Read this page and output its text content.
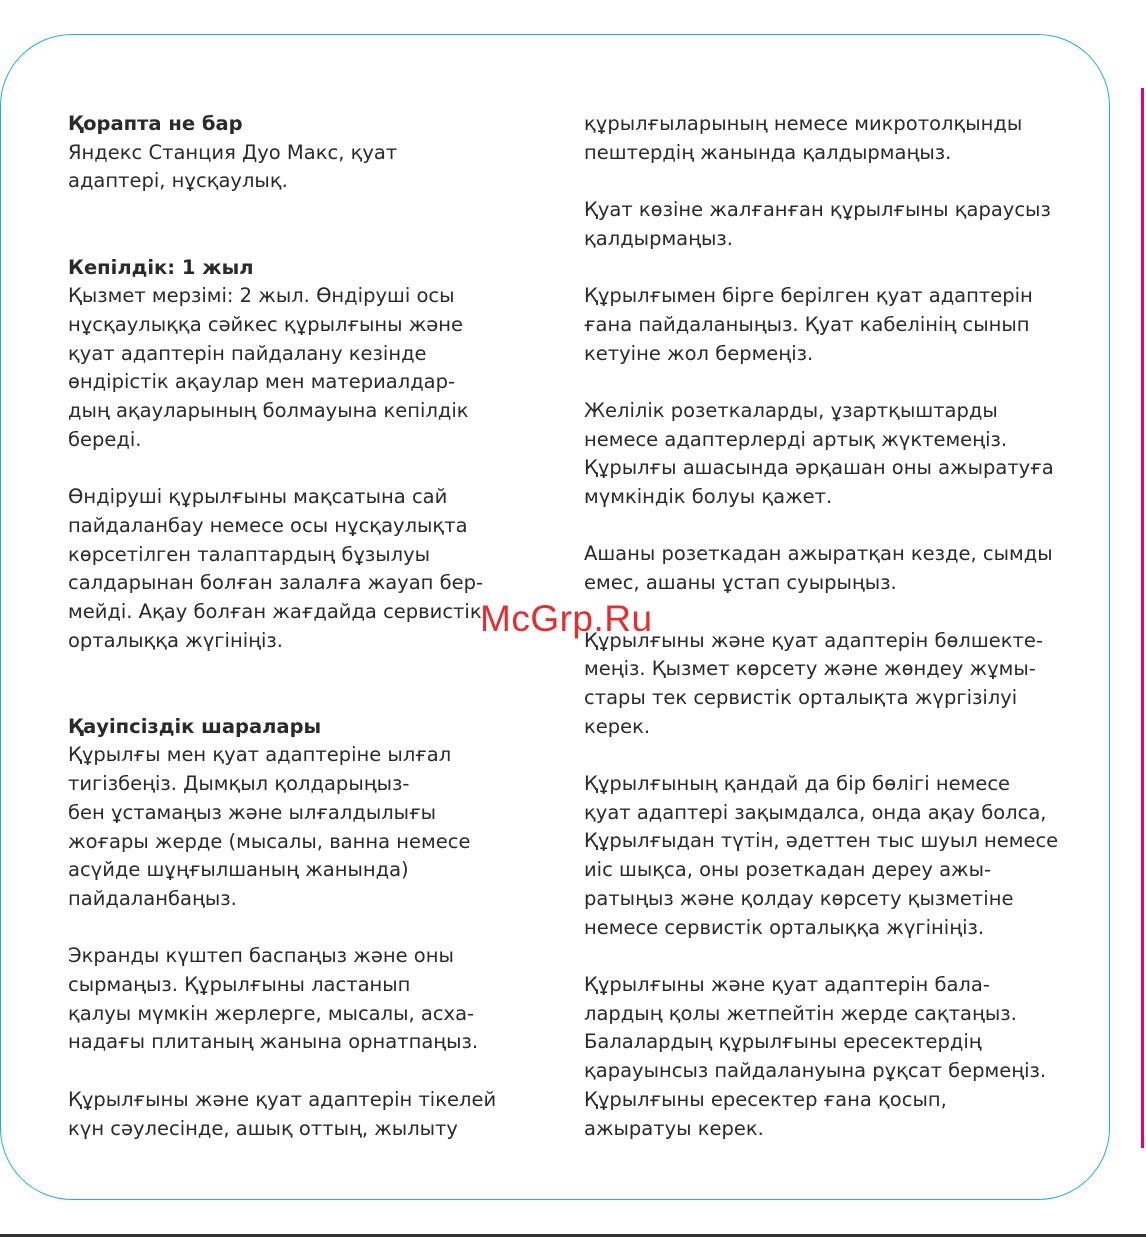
Қорапта не бар

Яндекс Станция Дуо Макс, қуат
адаптері, нұсқаулық.

Кепілдік: 1 жыл

Қызмет мерзімі: 2 жыл. Өндіруші осы
нұсқаулыққа сәйкес құрылғыны және
қуат адаптерін пайдалану кезінде
өндірістік ақаулар мен материалдар-
дың ақауларының болмауына кепілдік
береді.

Өндіруші құрылғыны мақсатына сай
пайдаланбау немесе осы нұсқаулықта
көрсетілген талаптардың бұзылуы
салдарынан болған залалға жауап бер-
мейді. Ақау болған жағдайда сервистік
орталыққа жүгініңіз.

Қауіпсіздік шаралары

Құрылғы мен қуат адаптеріне ылғал
тигізбеңіз. Дымқыл қолдарыңыз-
бен ұстамаңыз және ылғалдылығы
жоғары жерде (мысалы, ванна немесе
асүйде шұңғылшаның жанында)
пайдаланбаңыз.

Экранды күштеп баспаңыз және оны
сырмаңыз. Құрылғыны ластанып
қалуы мүмкін жерлерге, мысалы, асха-
надағы плитаның жанына орнатпаңыз.

Құрылғыны және қуат адаптерін тікелей
күн сәулесінде, ашық оттың, жылыту

құрылғыларының немесе микротолқынды
пештердің жанында қалдырмаңыз.

Қуат көзіне жалғанған құрылғыны қараусыз
қалдырмаңыз.

Құрылғымен бірге берілген қуат адаптерін
ғана пайдаланыңыз. Қуат кабелінің сынып
кетуіне жол бермеңіз.

Желілік розеткаларды, ұзартқыштарды
немесе адаптерлерді артық жүктемеңіз.
Құрылғы ашасында әрқашан оны ажыратуға
мүмкіндік болуы қажет.

Ашаны розеткадан ажыратқан кезде, сымды
емес, ашаны ұстап суырыңыз.

Құрылғыны және қуат адаптерін бөлшекте-
меңіз. Қызмет көрсету және жөндеу жұмы-
стары тек сервистік орталықта жүргізілуі
керек.

Құрылғының қандай да бір бөлігі немесе
қуат адаптері зақымдалса, онда ақау болса,
Құрылғыдан түтін, әдеттен тыс шуыл немесе
иіс шықса, оны розеткадан дереу ажы-
ратыңыз және қолдау көрсету қызметіне
немесе сервистік орталыққа жүгініңіз.

Құрылғыны және қуат адаптерін бала-
лардың қолы жетпейтін жерде сақтаңыз.
Балалардың құрылғыны ересектердің
қарауынсыз пайдалануына рұқсат бермеңіз.
Құрылғыны ересектер ғана қосып,
ажыратуы керек.

McGrp.Ru
